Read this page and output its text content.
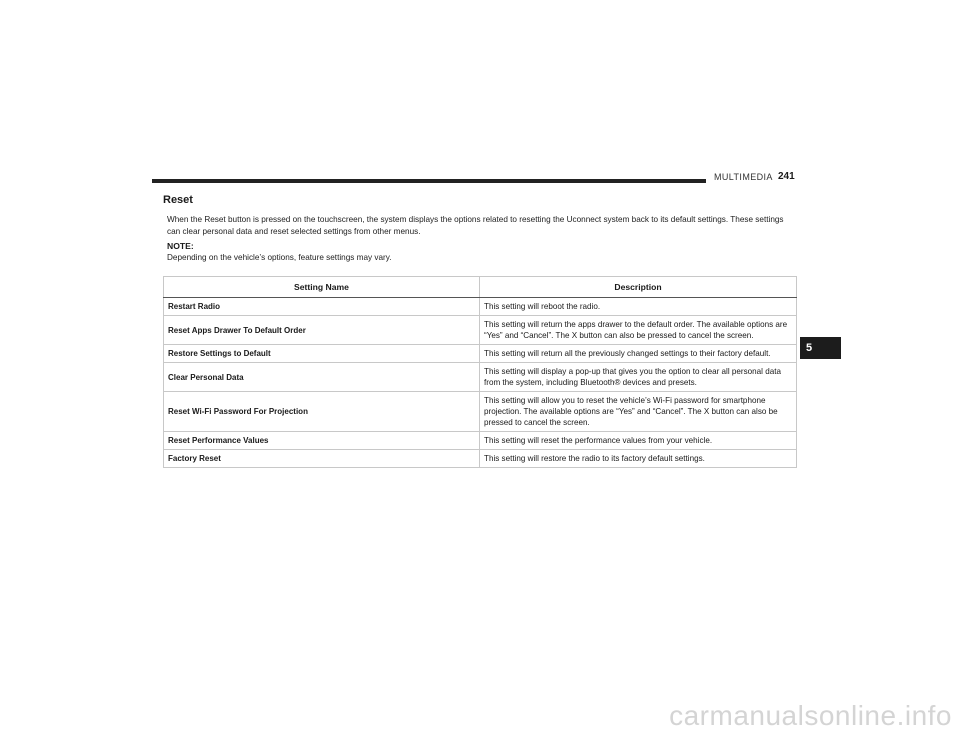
MULTIMEDIA 241
Reset
When the Reset button is pressed on the touchscreen, the system displays the options related to resetting the Uconnect system back to its default settings. These settings can clear personal data and reset selected settings from other menus.
NOTE:
Depending on the vehicle’s options, feature settings may vary.
Setting Name	Description
Restart Radio	This setting will reboot the radio.
Reset Apps Drawer To Default Order	This setting will return the apps drawer to the default order. The available options are “Yes” and “Cancel”. The X button can also be pressed to cancel the screen.
Restore Settings to Default	This setting will return all the previously changed settings to their factory default.
Clear Personal Data	This setting will display a pop-up that gives you the option to clear all personal data from the system, including Bluetooth® devices and presets.
Reset Wi-Fi Password For Projection	This setting will allow you to reset the vehicle’s Wi-Fi password for smartphone projection. The available options are “Yes” and “Cancel”. The X button can also be pressed to cancel the screen.
Reset Performance Values	This setting will reset the performance values from your vehicle.
Factory Reset	This setting will restore the radio to its factory default settings.
5
carmanualsonline.info
